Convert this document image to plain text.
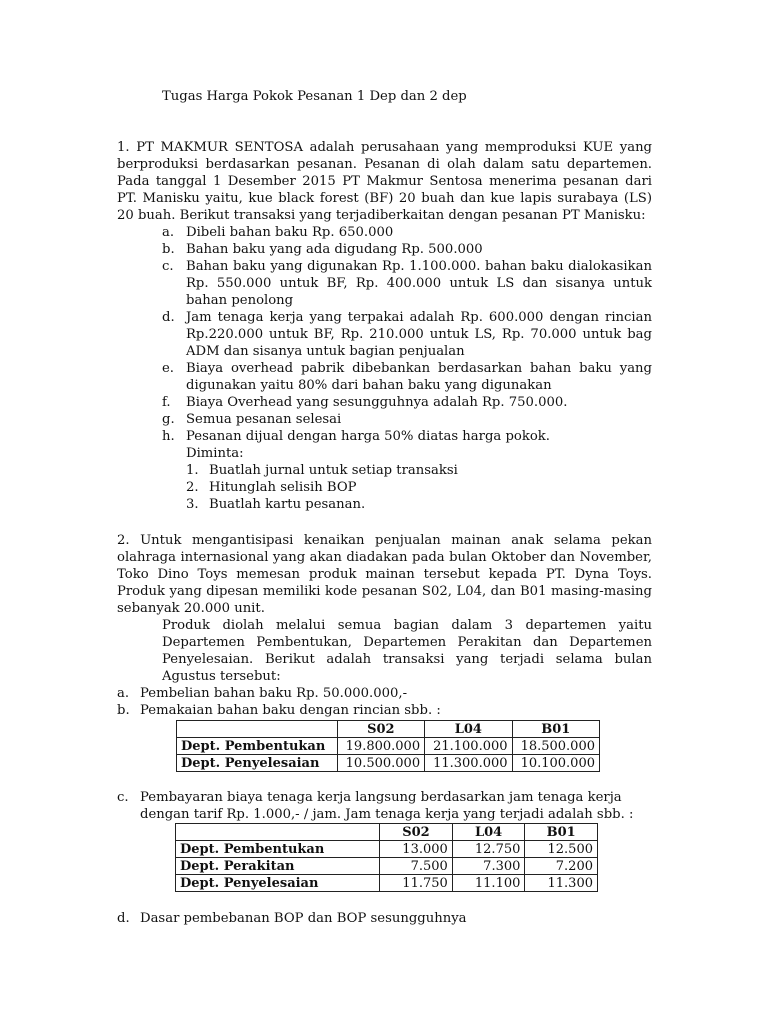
Tugas Harga Pokok Pesanan 1 Dep dan 2 dep
1. PT MAKMUR SENTOSA adalah perusahaan yang memproduksi KUE yang berproduksi berdasarkan pesanan. Pesanan di olah dalam satu departemen. Pada tanggal 1 Desember 2015 PT Makmur Sentosa menerima pesanan dari PT. Manisku yaitu, kue black forest (BF) 20 buah dan kue lapis surabaya (LS) 20 buah. Berikut transaksi yang terjadiberkaitan dengan pesanan PT Manisku:
a. Dibeli bahan baku Rp. 650.000
b. Bahan baku yang ada digudang Rp. 500.000
c. Bahan baku yang digunakan Rp. 1.100.000. bahan baku dialokasikan Rp. 550.000 untuk BF, Rp. 400.000 untuk LS dan sisanya untuk bahan penolong
d. Jam tenaga kerja yang terpakai adalah Rp. 600.000 dengan rincian Rp.220.000 untuk BF, Rp. 210.000 untuk LS, Rp. 70.000 untuk bag ADM dan sisanya untuk bagian penjualan
e. Biaya overhead pabrik dibebankan berdasarkan bahan baku yang digunakan yaitu 80% dari bahan baku yang digunakan
f. Biaya Overhead yang sesungguhnya adalah Rp. 750.000.
g. Semua pesanan selesai
h. Pesanan dijual dengan harga 50% diatas harga pokok.
Diminta:
1. Buatlah jurnal untuk setiap transaksi
2. Hitunglah selisih BOP
3. Buatlah kartu pesanan.
2. Untuk mengantisipasi kenaikan penjualan mainan anak selama pekan olahraga internasional yang akan diadakan pada bulan Oktober dan November, Toko Dino Toys memesan produk mainan tersebut kepada PT. Dyna Toys. Produk yang dipesan memiliki kode pesanan S02, L04, dan B01 masing-masing sebanyak 20.000 unit.
Produk diolah melalui semua bagian dalam 3 departemen yaitu Departemen Pembentukan, Departemen Perakitan dan Departemen Penyelesaian. Berikut adalah transaksi yang terjadi selama bulan Agustus tersebut:
a. Pembelian bahan baku Rp. 50.000.000,-
b. Pemakaian bahan baku dengan rincian sbb. :
	S02	L04	B01
Dept. Pembentukan	19.800.000	21.100.000	18.500.000
Dept. Penyelesaian	10.500.000	11.300.000	10.100.000
c. Pembayaran biaya tenaga kerja langsung berdasarkan jam tenaga kerja dengan tarif Rp. 1.000,- / jam. Jam tenaga kerja yang terjadi adalah sbb. :
	S02	L04	B01
Dept. Pembentukan	13.000	12.750	12.500
Dept. Perakitan	7.500	7.300	7.200
Dept. Penyelesaian	11.750	11.100	11.300
d. Dasar pembebanan BOP dan BOP sesungguhnya
